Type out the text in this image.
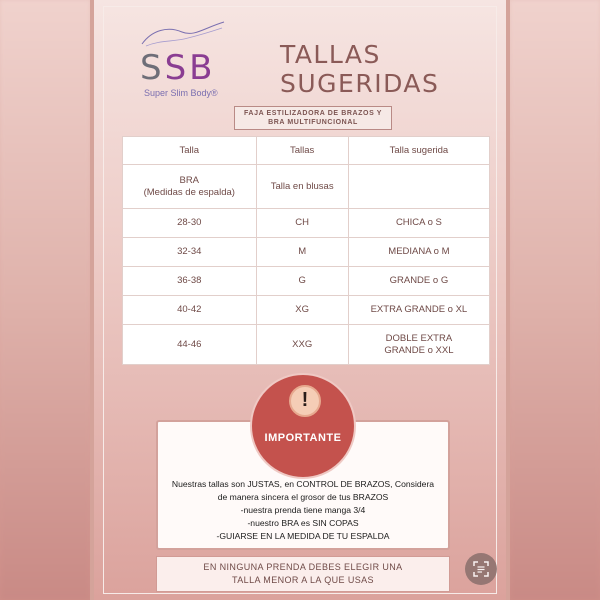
SSB
Super Slim Body®
TALLAS SUGERIDAS
FAJA ESTILIZADORA DE BRAZOS Y
BRA MULTIFUNCIONAL
Talla	Tallas	Talla sugerida

BRA
(Medidas de espalda)	Talla en blusas	
28-30	CH	CHICA o S
32-34	M	MEDIANA o M
36-38	G	GRANDE o G
40-42	XG	EXTRA GRANDE o XL
44-46	XXG	DOBLE EXTRA
GRANDE o XXL
Nuestras tallas son JUSTAS, en CONTROL DE BRAZOS, Considera
de manera sincera el grosor de tus BRAZOS
-nuestra prenda tiene manga 3/4
-nuestro BRA es SIN COPAS
-GUIARSE EN LA MEDIDA DE TU ESPALDA
!
IMPORTANTE
EN NINGUNA PRENDA DEBES ELEGIR UNA
TALLA MENOR A LA QUE USAS
